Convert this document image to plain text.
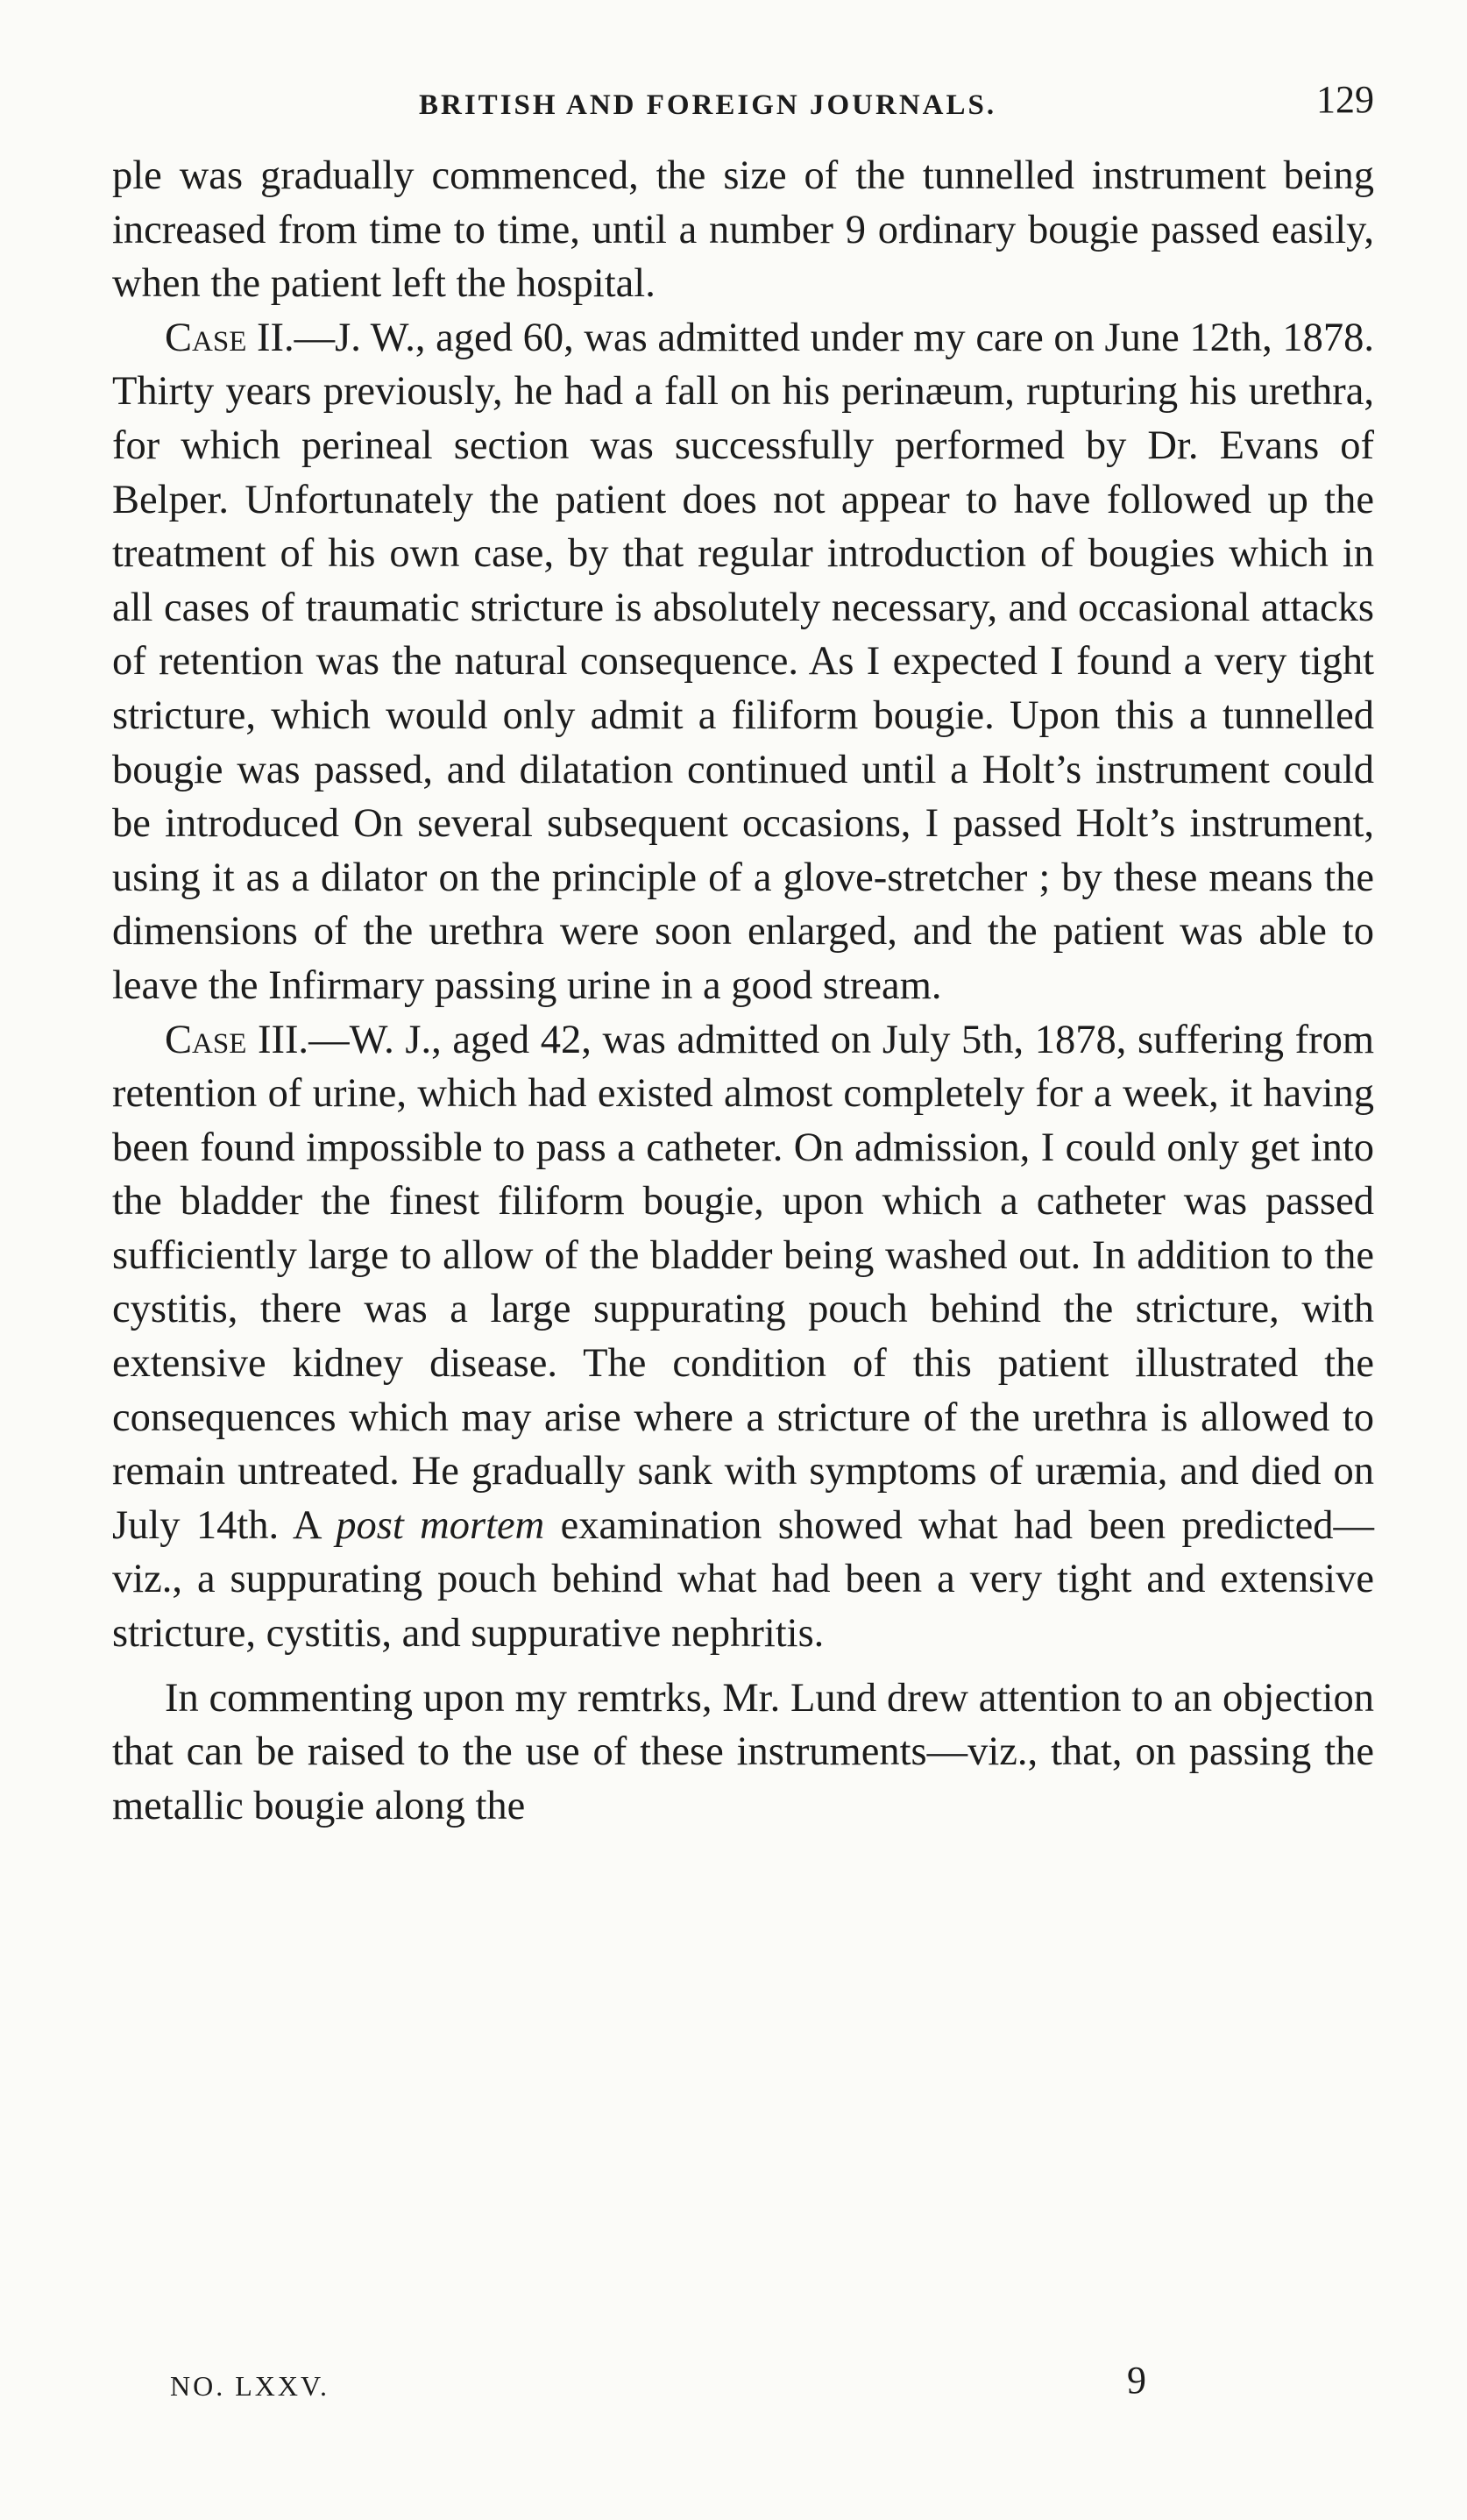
BRITISH AND FOREIGN JOURNALS.	129

ple was gradually commenced, the size of the tunnelled instrument being increased from time to time, until a number 9 ordinary bougie passed easily, when the patient left the hospital.

Case II.—J. W., aged 60, was admitted under my care on June 12th, 1878. Thirty years previously, he had a fall on his perinæum, rupturing his urethra, for which perineal section was successfully performed by Dr. Evans of Belper. Unfortunately the patient does not appear to have followed up the treatment of his own case, by that regular introduction of bougies which in all cases of traumatic stricture is absolutely necessary, and occasional attacks of retention was the natural consequence. As I expected I found a very tight stricture, which would only admit a filiform bougie. Upon this a tunnelled bougie was passed, and dilatation continued until a Holt’s instrument could be introduced On several subsequent occasions, I passed Holt’s instrument, using it as a dilator on the principle of a glove-stretcher ; by these means the dimensions of the urethra were soon enlarged, and the patient was able to leave the Infirmary passing urine in a good stream.

Case III.—W. J., aged 42, was admitted on July 5th, 1878, suffering from retention of urine, which had existed almost completely for a week, it having been found impossible to pass a catheter. On admission, I could only get into the bladder the finest filiform bougie, upon which a catheter was passed sufficiently large to allow of the bladder being washed out. In addition to the cystitis, there was a large suppurating pouch behind the stricture, with extensive kidney disease. The condition of this patient illustrated the consequences which may arise where a stricture of the urethra is allowed to remain untreated. He gradually sank with symptoms of uræmia, and died on July 14th. A post mortem examination showed what had been predicted—viz., a suppurating pouch behind what had been a very tight and extensive stricture, cystitis, and suppurative nephritis.

In commenting upon my remtrks, Mr. Lund drew attention to an objection that can be raised to the use of these instruments—viz., that, on passing the metallic bougie along the

NO. LXXV.	9
